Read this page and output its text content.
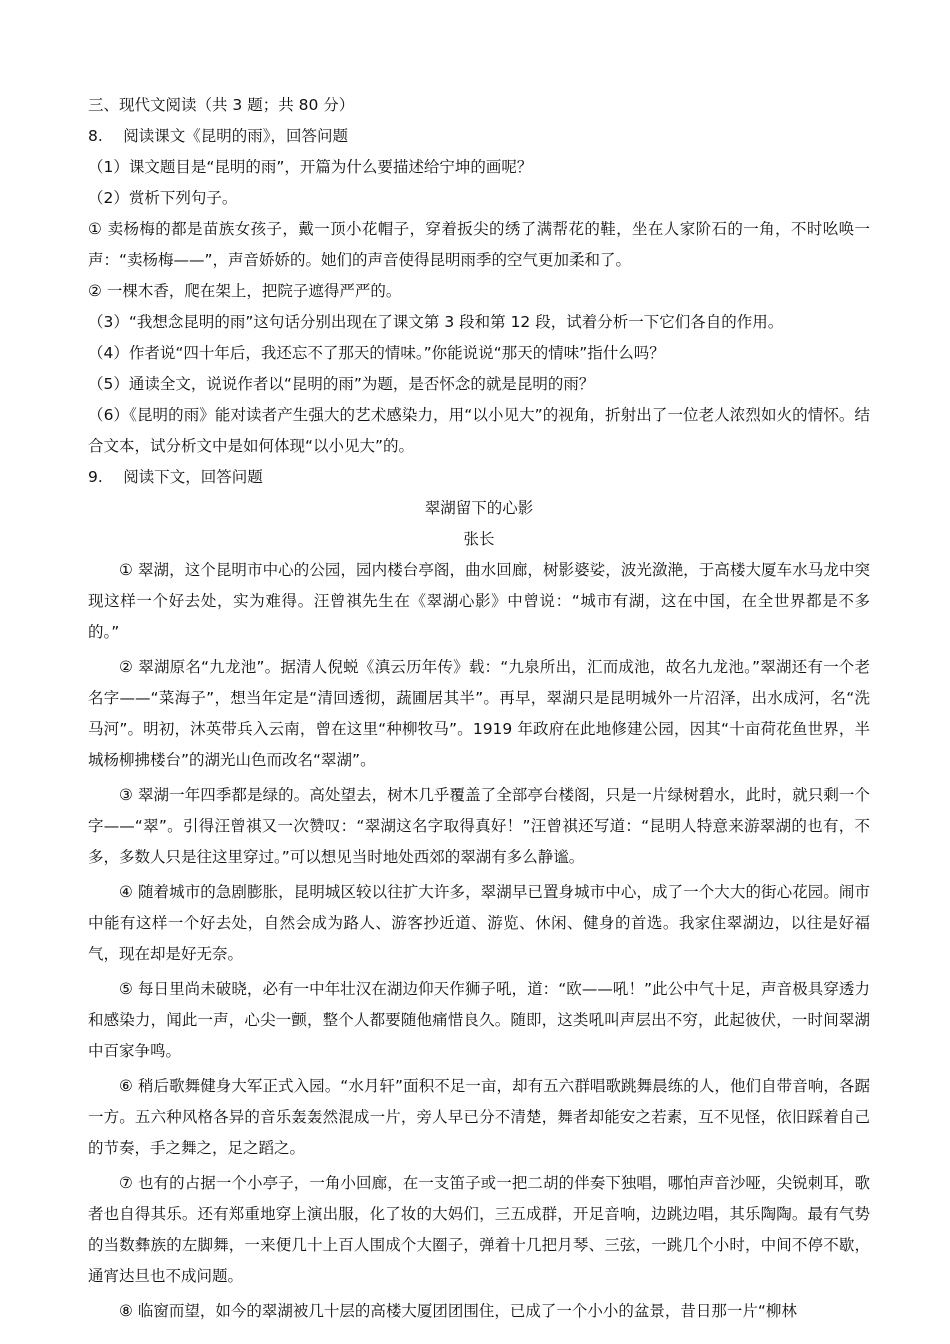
三、现代文阅读（共 3 题；共 80 分）
8.　 阅读课文《昆明的雨》，回答问题
（1）课文题目是“昆明的雨”，开篇为什么要描述给宁坤的画呢？
（2）赏析下列句子。
① 卖杨梅的都是苗族女孩子，戴一顶小花帽子，穿着扳尖的绣了满帮花的鞋，坐在人家阶石的一角，不时吆唤一声：“卖杨梅——”，声音娇娇的。她们的声音使得昆明雨季的空气更加柔和了。
② 一棵木香，爬在架上，把院子遮得严严的。
（3）“我想念昆明的雨”这句话分别出现在了课文第 3 段和第 12 段，试着分析一下它们各自的作用。
（4）作者说“四十年后，我还忘不了那天的情味。”你能说说“那天的情味”指什么吗？
（5）通读全文，说说作者以“昆明的雨”为题，是否怀念的就是昆明的雨？
（6）《昆明的雨》能对读者产生强大的艺术感染力，用“以小见大”的视角，折射出了一位老人浓烈如火的情怀。结合文本，试分析文中是如何体现“以小见大”的。
9.　 阅读下文，回答问题
翠湖留下的心影
张长
① 翠湖，这个昆明市中心的公园，园内楼台亭阁，曲水回廊，树影婆娑，波光潋滟，于高楼大厦车水马龙中突现这样一个好去处，实为难得。汪曾祺先生在《翠湖心影》中曾说：“城市有湖，这在中国，在全世界都是不多的。”
② 翠湖原名“九龙池”。据清人倪蜕《滇云历年传》载：“九泉所出，汇而成池，故名九龙池。”翠湖还有一个老名字——“菜海子”，想当年定是“清回透彻，蔬圃居其半”。再早，翠湖只是昆明城外一片沼泽，出水成河，名“洗马河”。明初，沐英带兵入云南，曾在这里“种柳牧马”。1919 年政府在此地修建公园，因其“十亩荷花鱼世界，半城杨柳拂楼台”的湖光山色而改名“翠湖”。
③ 翠湖一年四季都是绿的。高处望去，树木几乎覆盖了全部亭台楼阁，只是一片绿树碧水，此时，就只剩一个字——“翠”。引得汪曾祺又一次赞叹：“翠湖这名字取得真好！”汪曾祺还写道：“昆明人特意来游翠湖的也有，不多，多数人只是往这里穿过。”可以想见当时地处西郊的翠湖有多么静谧。
④ 随着城市的急剧膨胀，昆明城区较以往扩大许多，翠湖早已置身城市中心，成了一个大大的街心花园。闹市中能有这样一个好去处，自然会成为路人、游客抄近道、游览、休闲、健身的首选。我家住翠湖边，以往是好福气，现在却是好无奈。
⑤ 每日里尚未破晓，必有一中年壮汉在湖边仰天作狮子吼，道：“欧——吼！”此公中气十足，声音极具穿透力和感染力，闻此一声，心尖一颤，整个人都要随他痛惜良久。随即，这类吼叫声层出不穷，此起彼伏，一时间翠湖中百家争鸣。
⑥ 稍后歌舞健身大军正式入园。“水月轩”面积不足一亩，却有五六群唱歌跳舞晨练的人，他们自带音响，各踞一方。五六种风格各异的音乐轰轰然混成一片，旁人早已分不清楚，舞者却能安之若素，互不见怪，依旧踩着自己的节奏，手之舞之，足之蹈之。
⑦ 也有的占据一个小亭子，一角小回廊，在一支笛子或一把二胡的伴奏下独唱，哪怕声音沙哑，尖锐刺耳，歌者也自得其乐。还有郑重地穿上演出服，化了妆的大妈们，三五成群，开足音响，边跳边唱，其乐陶陶。最有气势的当数彝族的左脚舞，一来便几十上百人围成个大圈子，弹着十几把月琴、三弦，一跳几个小时，中间不停不歇，通宵达旦也不成问题。
⑧ 临窗而望，如今的翠湖被几十层的高楼大厦团团围住，已成了一个小小的盆景，昔日那一片“柳林
